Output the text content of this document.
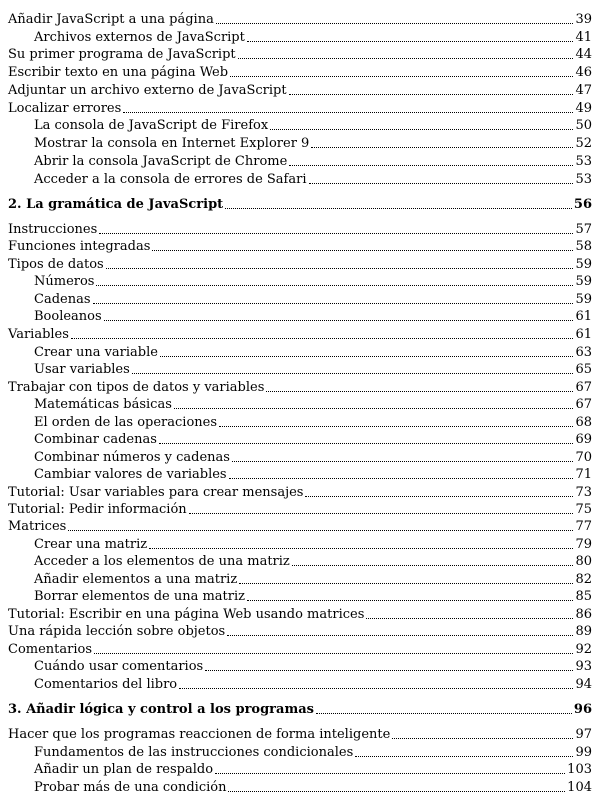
Añadir JavaScript a una página	39
Archivos externos de JavaScript	41
Su primer programa de JavaScript	44
Escribir texto en una página Web	46
Adjuntar un archivo externo de JavaScript	47
Localizar errores	49
La consola de JavaScript de Firefox	50
Mostrar la consola en Internet Explorer 9	52
Abrir la consola JavaScript de Chrome	53
Acceder a la consola de errores de Safari	53
2. La gramática de JavaScript	56
Instrucciones	57
Funciones integradas	58
Tipos de datos	59
Números	59
Cadenas	59
Booleanos	61
Variables	61
Crear una variable	63
Usar variables	65
Trabajar con tipos de datos y variables	67
Matemáticas básicas	67
El orden de las operaciones	68
Combinar cadenas	69
Combinar números y cadenas	70
Cambiar valores de variables	71
Tutorial: Usar variables para crear mensajes	73
Tutorial: Pedir información	75
Matrices	77
Crear una matriz	79
Acceder a los elementos de una matriz	80
Añadir elementos a una matriz	82
Borrar elementos de una matriz	85
Tutorial: Escribir en una página Web usando matrices	86
Una rápida lección sobre objetos	89
Comentarios	92
Cuándo usar comentarios	93
Comentarios del libro	94
3. Añadir lógica y control a los programas	96
Hacer que los programas reaccionen de forma inteligente	97
Fundamentos de las instrucciones condicionales	99
Añadir un plan de respaldo	103
Probar más de una condición	104
